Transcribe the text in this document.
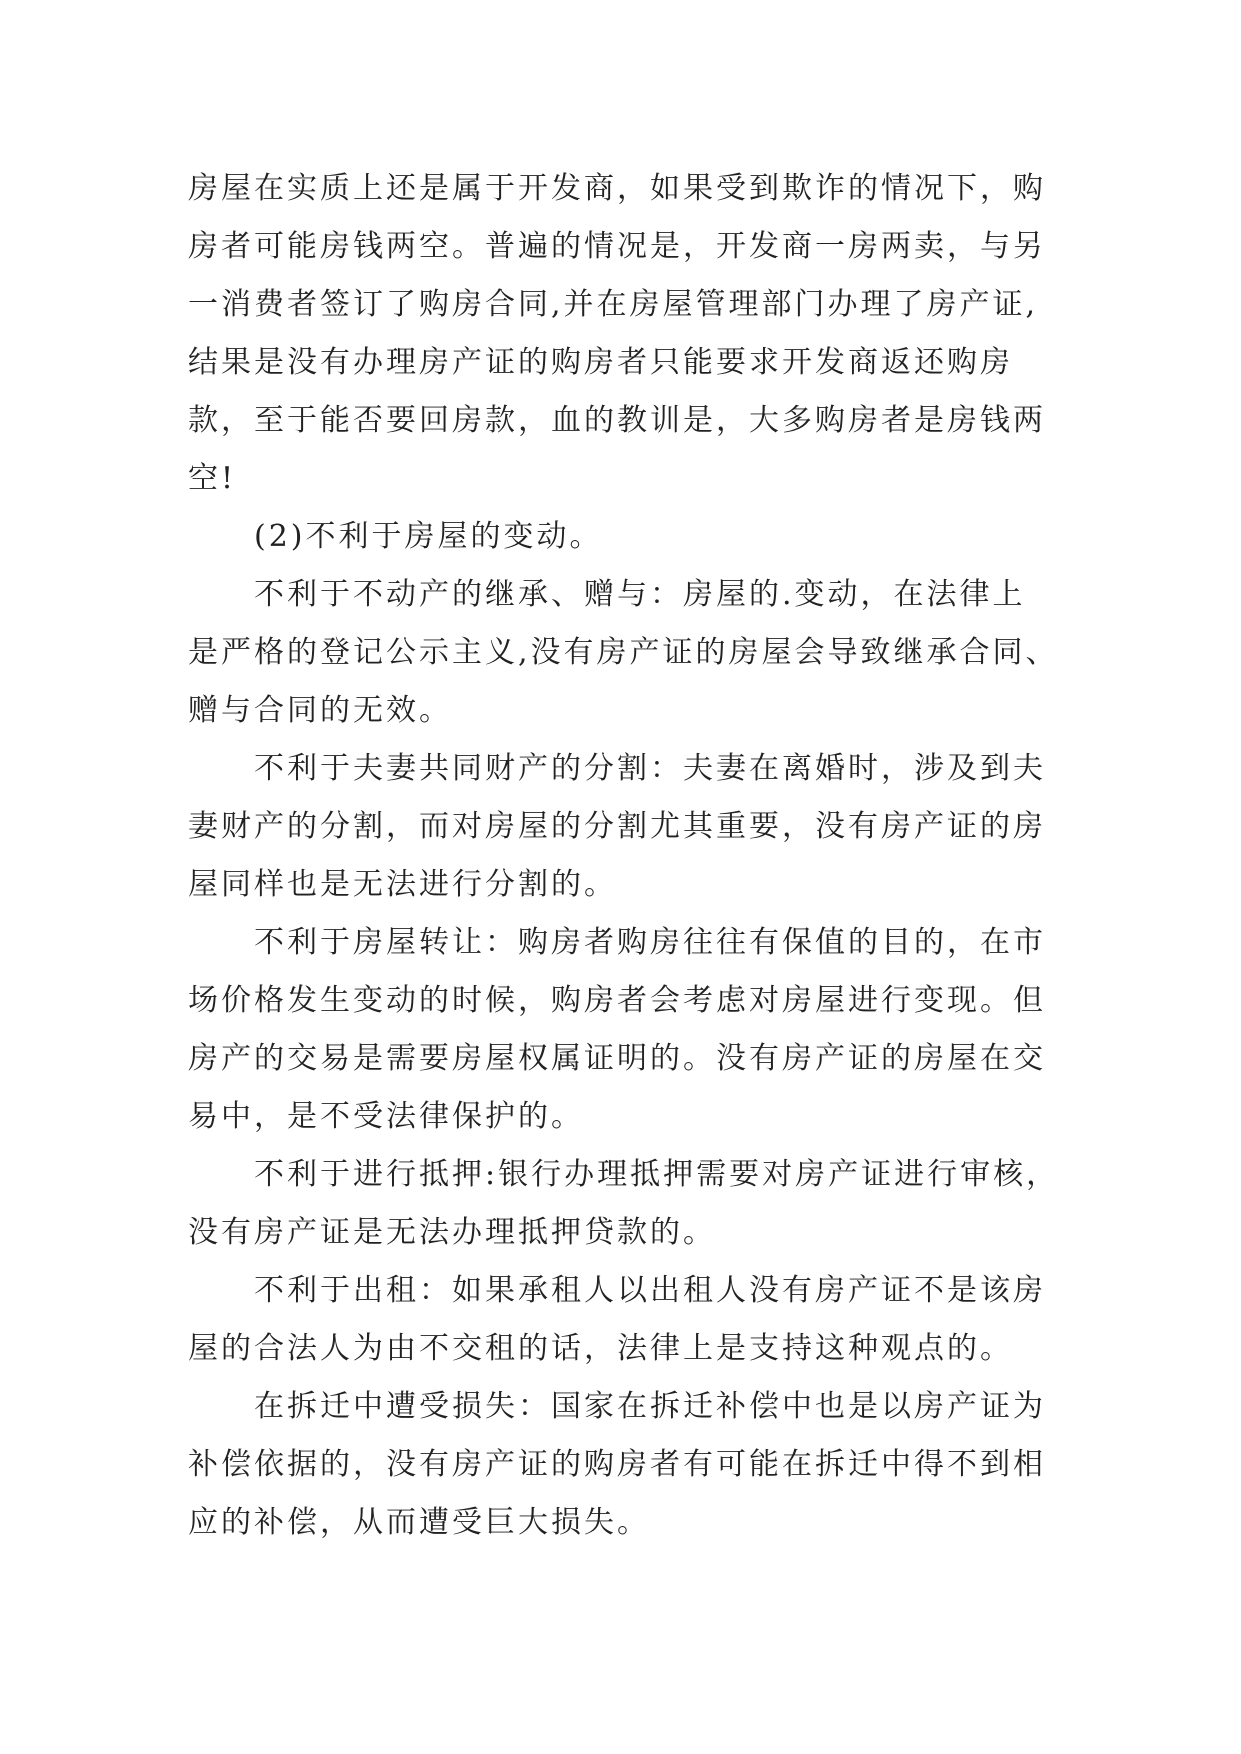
房屋在实质上还是属于开发商，如果受到欺诈的情况下，购
房者可能房钱两空。普遍的情况是，开发商一房两卖，与另
一消费者签订了购房合同,并在房屋管理部门办理了房产证,
结果是没有办理房产证的购房者只能要求开发商返还购房
款，至于能否要回房款，血的教训是，大多购房者是房钱两
空!
(2)不利于房屋的变动。
不利于不动产的继承、赠与：房屋的.变动，在法律上
是严格的登记公示主义,没有房产证的房屋会导致继承合同、
赠与合同的无效。
不利于夫妻共同财产的分割：夫妻在离婚时，涉及到夫
妻财产的分割，而对房屋的分割尤其重要，没有房产证的房
屋同样也是无法进行分割的。
不利于房屋转让：购房者购房往往有保值的目的，在市
场价格发生变动的时候，购房者会考虑对房屋进行变现。但
房产的交易是需要房屋权属证明的。没有房产证的房屋在交
易中，是不受法律保护的。
不利于进行抵押:银行办理抵押需要对房产证进行审核，
没有房产证是无法办理抵押贷款的。
不利于出租：如果承租人以出租人没有房产证不是该房
屋的合法人为由不交租的话，法律上是支持这种观点的。
在拆迁中遭受损失：国家在拆迁补偿中也是以房产证为
补偿依据的，没有房产证的购房者有可能在拆迁中得不到相
应的补偿，从而遭受巨大损失。
